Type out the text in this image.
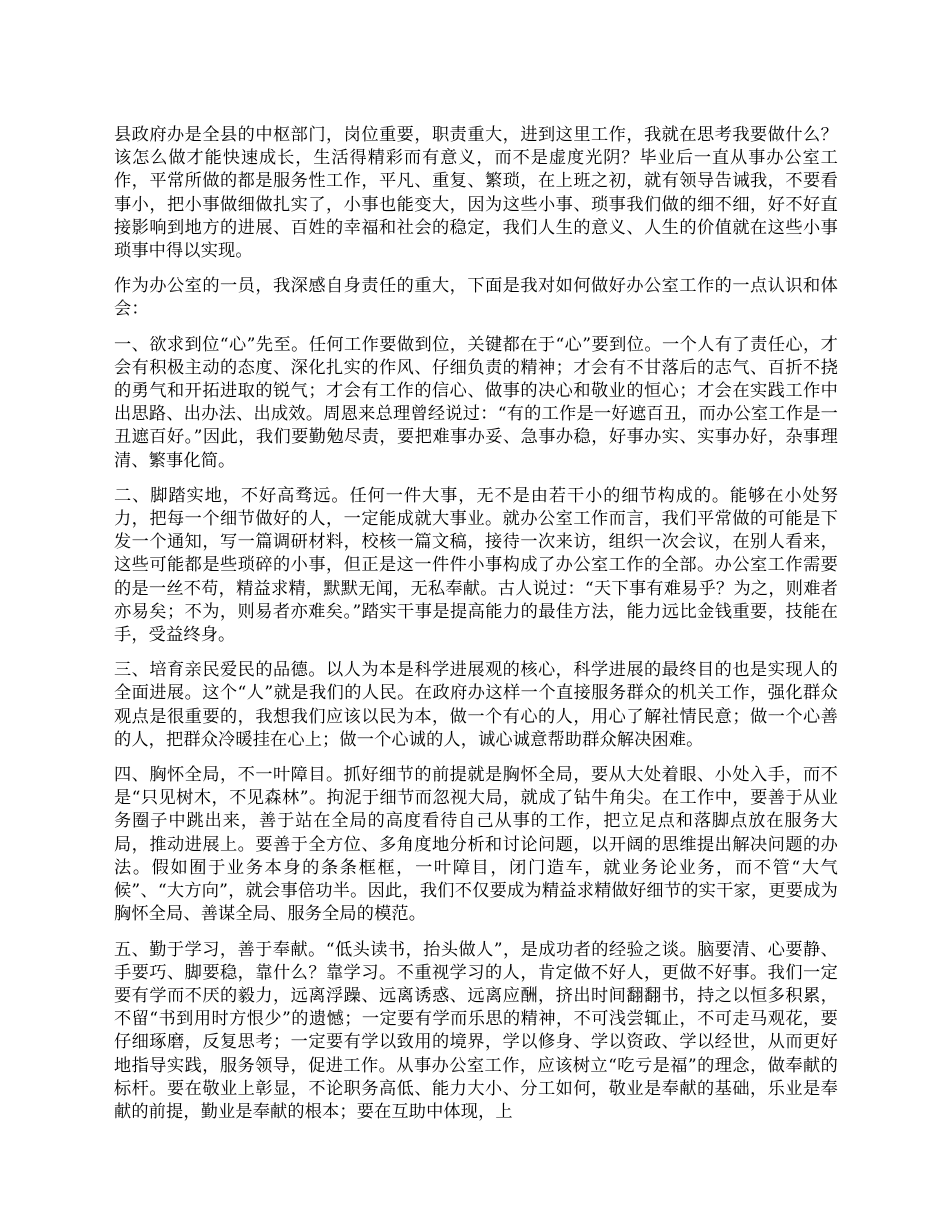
县政府办是全县的中枢部门，岗位重要，职责重大，进到这里工作，我就在思考我要做什么？该怎么做才能快速成长，生活得精彩而有意义，而不是虚度光阴？毕业后一直从事办公室工作，平常所做的都是服务性工作，平凡、重复、繁琐，在上班之初，就有领导告诫我，不要看事小，把小事做细做扎实了，小事也能变大，因为这些小事、琐事我们做的细不细，好不好直接影响到地方的进展、百姓的幸福和社会的稳定，我们人生的意义、人生的价值就在这些小事琐事中得以实现。

作为办公室的一员，我深感自身责任的重大，下面是我对如何做好办公室工作的一点认识和体会：

一、欲求到位“心”先至。任何工作要做到位，关键都在于“心”要到位。一个人有了责任心，才会有积极主动的态度、深化扎实的作风、仔细负责的精神；才会有不甘落后的志气、百折不挠的勇气和开拓进取的锐气；才会有工作的信心、做事的决心和敬业的恒心；才会在实践工作中出思路、出办法、出成效。周恩来总理曾经说过：“有的工作是一好遮百丑，而办公室工作是一丑遮百好。”因此，我们要勤勉尽责，要把难事办妥、急事办稳，好事办实、实事办好，杂事理清、繁事化简。

二、脚踏实地，不好高骛远。任何一件大事，无不是由若干小的细节构成的。能够在小处努力，把每一个细节做好的人，一定能成就大事业。就办公室工作而言，我们平常做的可能是下发一个通知，写一篇调研材料，校核一篇文稿，接待一次来访，组织一次会议，在别人看来，这些可能都是些琐碎的小事，但正是这一件件小事构成了办公室工作的全部。办公室工作需要的是一丝不苟，精益求精，默默无闻，无私奉献。古人说过：“天下事有难易乎？为之，则难者亦易矣；不为，则易者亦难矣。”踏实干事是提高能力的最佳方法，能力远比金钱重要，技能在手，受益终身。

三、培育亲民爱民的品德。以人为本是科学进展观的核心，科学进展的最终目的也是实现人的全面进展。这个“人”就是我们的人民。在政府办这样一个直接服务群众的机关工作，强化群众观点是很重要的，我想我们应该以民为本，做一个有心的人，用心了解社情民意；做一个心善的人，把群众冷暖挂在心上；做一个心诚的人，诚心诚意帮助群众解决困难。

四、胸怀全局，不一叶障目。抓好细节的前提就是胸怀全局，要从大处着眼、小处入手，而不是“只见树木，不见森林”。拘泥于细节而忽视大局，就成了钻牛角尖。在工作中，要善于从业务圈子中跳出来，善于站在全局的高度看待自己从事的工作，把立足点和落脚点放在服务大局，推动进展上。要善于全方位、多角度地分析和讨论问题，以开阔的思维提出解决问题的办法。假如囿于业务本身的条条框框，一叶障目，闭门造车，就业务论业务，而不管“大气候”、“大方向”，就会事倍功半。因此，我们不仅要成为精益求精做好细节的实干家，更要成为胸怀全局、善谋全局、服务全局的模范。

五、勤于学习，善于奉献。“低头读书，抬头做人”，是成功者的经验之谈。脑要清、心要静、手要巧、脚要稳，靠什么？靠学习。不重视学习的人，肯定做不好人，更做不好事。我们一定要有学而不厌的毅力，远离浮躁、远离诱惑、远离应酬，挤出时间翻翻书，持之以恒多积累，不留“书到用时方恨少”的遗憾；一定要有学而乐思的精神，不可浅尝辄止，不可走马观花，要仔细琢磨，反复思考；一定要有学以致用的境界，学以修身、学以资政、学以经世，从而更好地指导实践，服务领导，促进工作。从事办公室工作，应该树立“吃亏是福”的理念，做奉献的标杆。要在敬业上彰显，不论职务高低、能力大小、分工如何，敬业是奉献的基础，乐业是奉献的前提，勤业是奉献的根本；要在互助中体现，上
